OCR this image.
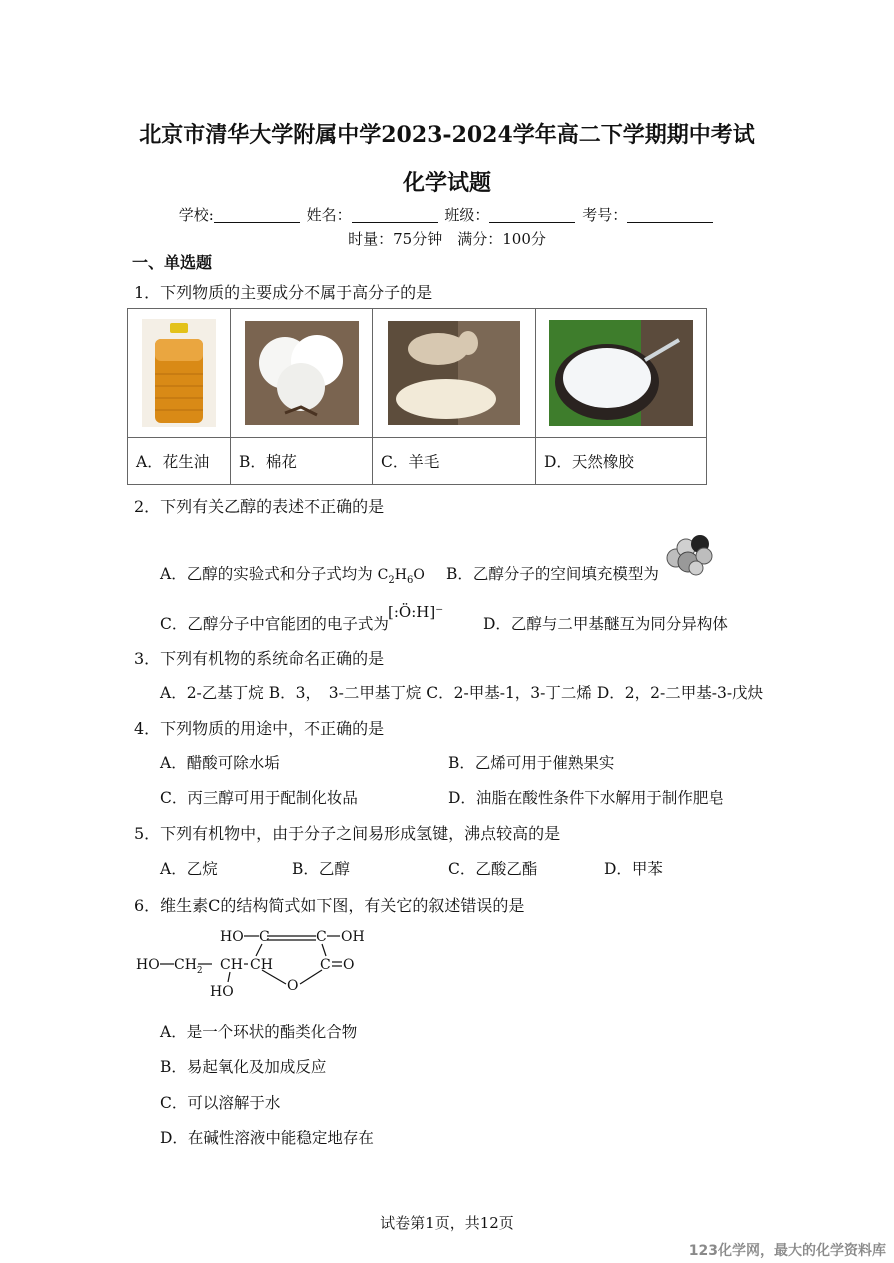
北京市清华大学附属中学2023-2024学年高二下学期期中考试
化学试题
学校:	姓名：	班级：	考号：
时量：75分钟　满分：100分
一、单选题
1．下列物质的主要成分不属于高分子的是

A．花生油	B．棉花	C．羊毛	D．天然橡胶
2．下列有关乙醇的表述不正确的是
A．乙醇的实验式和分子式均为 $C_2H_6O$ B．乙醇分子的空间填充模型为
C．乙醇分子中官能团的电子式为
[:Ö:H]⁻
D．乙醇与二甲基醚互为同分异构体
3．下列有机物的系统命名正确的是
A．2-乙基丁烷 B．3，　3-二甲基丁烷 C．2-甲基-1，3-丁二烯 D．2，2-二甲基-3-戊炔
4．下列物质的用途中，不正确的是
A．醋酸可除水垢	B．乙烯可用于催熟果实
C．丙三醇可用于配制化妆品	D．油脂在酸性条件下水解用于制作肥皂
5．下列有机物中，由于分子之间易形成氢键，沸点较高的是
A．乙烷	B．乙醇	C．乙酸乙酯	D．甲苯
6．维生素C的结构简式如下图，有关它的叙述错误的是
HO C	C OH
HO $CH_2$ CH CH	C O
HO	O
A．是一个环状的酯类化合物
B．易起氧化及加成反应
C．可以溶解于水
D．在碱性溶液中能稳定地存在
试卷第1页，共12页
123化学网，最大的化学资料库
